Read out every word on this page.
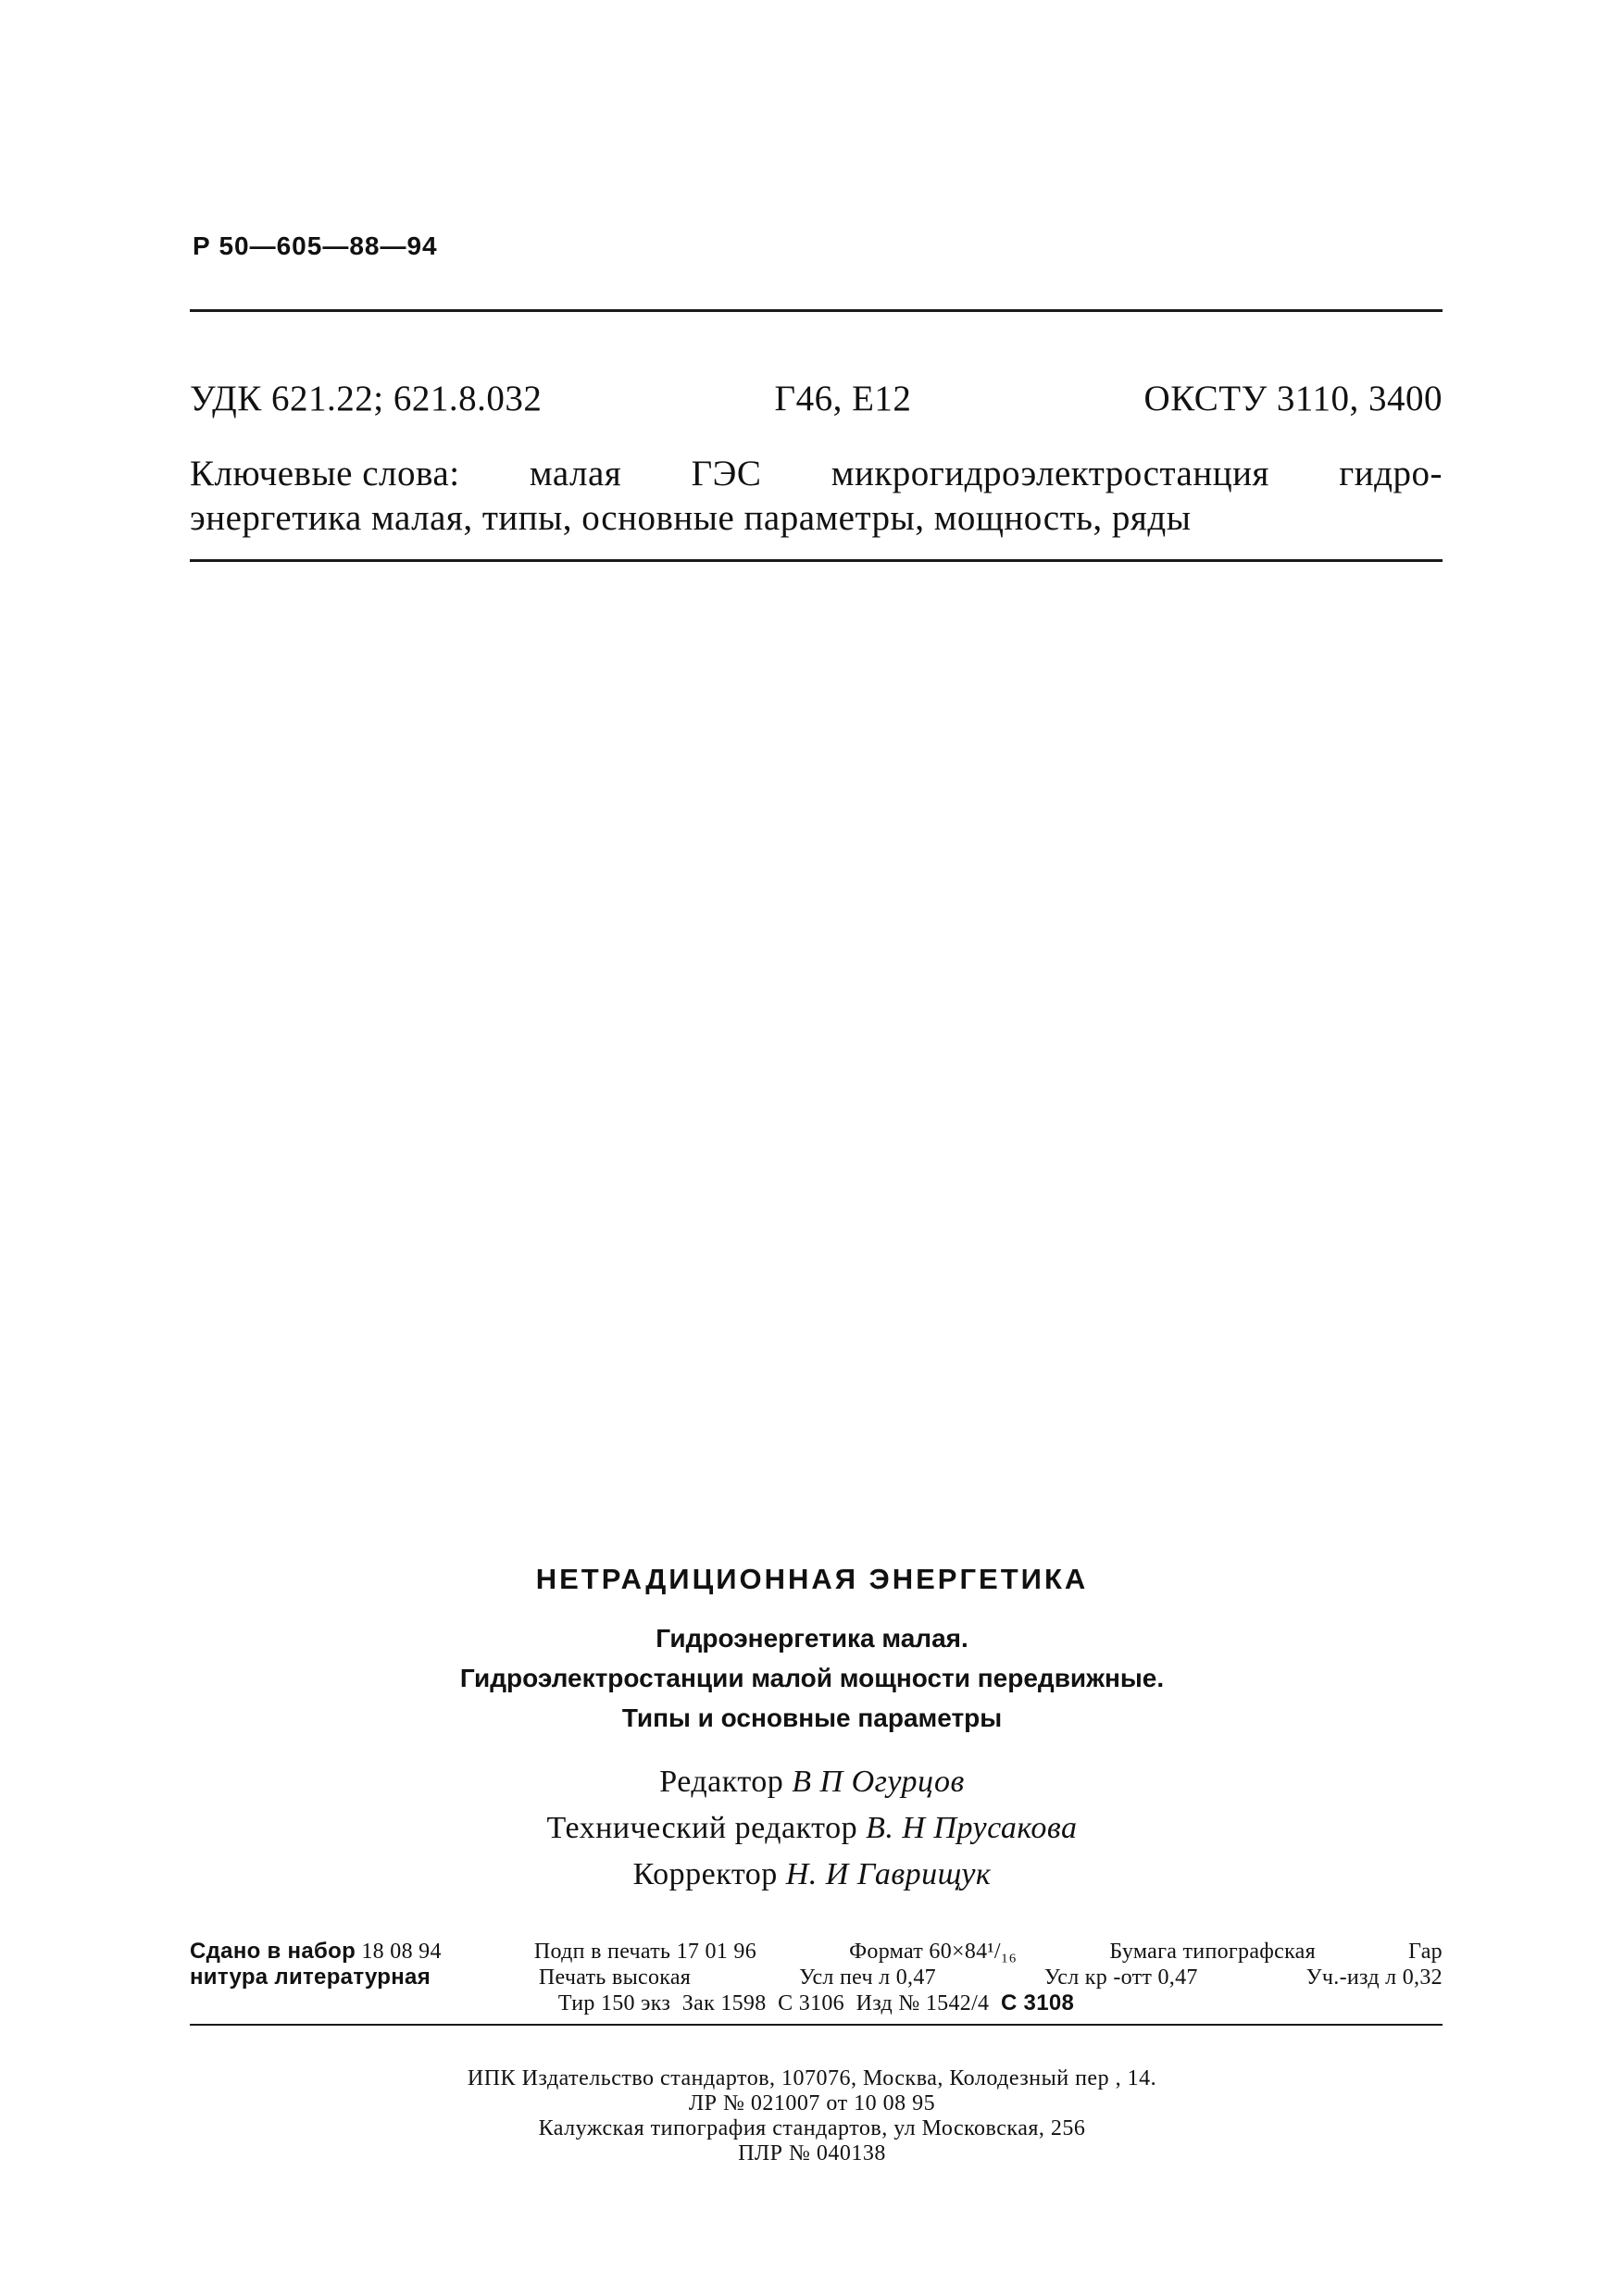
Р 50—605—88—94
УДК 621.22; 621.8.032	Г46, Е12	ОКСТУ 3110, 3400
Ключевые слова: малая ГЭС микрогидроэлектростанция гидро-
энергетика малая, типы, основные параметры, мощность, ряды
НЕТРАДИЦИОННАЯ ЭНЕРГЕТИКА
Гидроэнергетика малая.
Гидроэлектростанции малой мощности передвижные.
Типы и основные параметры
Редактор В П Огурцов
Технический редактор В. Н Прусакова
Корректор Н. И Гаврищук
Сдано в набор 18 08 94	Подп в печать 17 01 96	Формат 60×84¹/₁₆	Бумага типографская	Гар
нитура литературная	Печать высокая	Усл печ л 0,47	Усл кр -отт 0,47	Уч.-изд л 0,32
Тир 150 экз
Зак 1598
С 3106
Изд № 1542/4
С 3108
ИПК Издательство стандартов, 107076, Москва, Колодезный пер , 14.
ЛР № 021007 от 10 08 95
Калужская типография стандартов, ул Московская, 256
ПЛР № 040138
